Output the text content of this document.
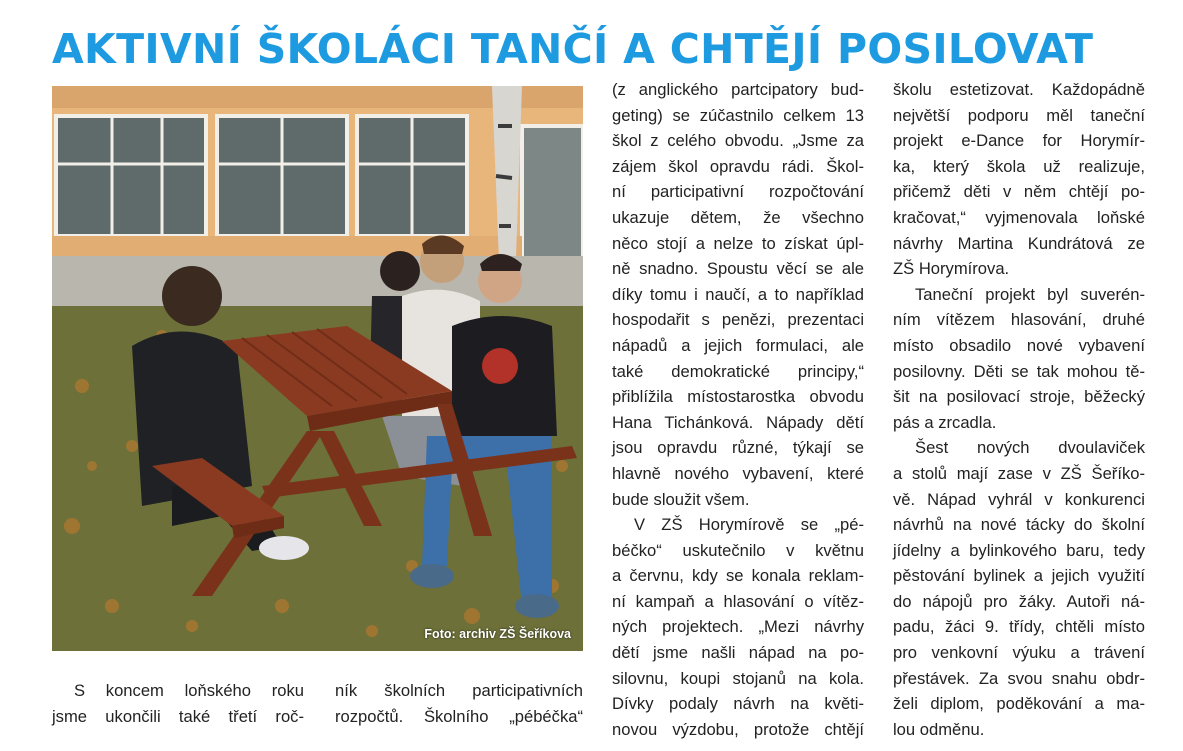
AKTIVNÍ ŠKOLÁCI TANČÍ A CHTĚJÍ POSILOVAT
Foto: archiv ZŠ Šeříkova

S koncem loňského roku

jsme ukončili také třetí roč-

ník školních participativních

rozpočtů. Školního „pébéčka“

(z anglického partcipatory bud-

geting) se zúčastnilo celkem 13

škol z celého obvodu. „Jsme za

zájem škol opravdu rádi. Škol-

ní participativní rozpočtování

ukazuje dětem, že všechno

něco stojí a nelze to získat úpl-

ně snadno. Spoustu věcí se ale

díky tomu i naučí, a to například

hospodařit s penězi, prezentaci

nápadů a jejich formulaci, ale

také demokratické principy,“

přiblížila místostarostka obvodu

Hana Tichánková. Nápady dětí

jsou opravdu různé, týkají se

hlavně nového vybavení, které

bude sloužit všem.

V ZŠ Horymírově se „pé-

béčko“ uskutečnilo v květnu

a červnu, kdy se konala reklam-

ní kampaň a hlasování o vítěz-

ných projektech. „Mezi návrhy

dětí jsme našli nápad na po-

silovnu, koupi stojanů na kola.

Dívky podaly návrh na květi-

novou výzdobu, protože chtějí

školu estetizovat. Každopádně

největší podporu měl taneční

projekt e-Dance for Horymír-

ka, který škola už realizuje,

přičemž děti v něm chtějí po-

kračovat,“ vyjmenovala loňské

návrhy Martina Kundrátová ze

ZŠ Horymírova.

Taneční projekt byl suverén-

ním vítězem hlasování, druhé

místo obsadilo nové vybavení

posilovny. Děti se tak mohou tě-

šit na posilovací stroje, běžecký

pás a zrcadla.

Šest nových dvoulaviček

a stolů mají zase v ZŠ Šeříko-

vě. Nápad vyhrál v konkurenci

návrhů na nové tácky do školní

jídelny a bylinkového baru, tedy

pěstování bylinek a jejich využití

do nápojů pro žáky. Autoři ná-

padu, žáci 9. třídy, chtěli místo

pro venkovní výuku a trávení

přestávek. Za svou snahu obdr-

želi diplom, poděkování a ma-

lou odměnu.
